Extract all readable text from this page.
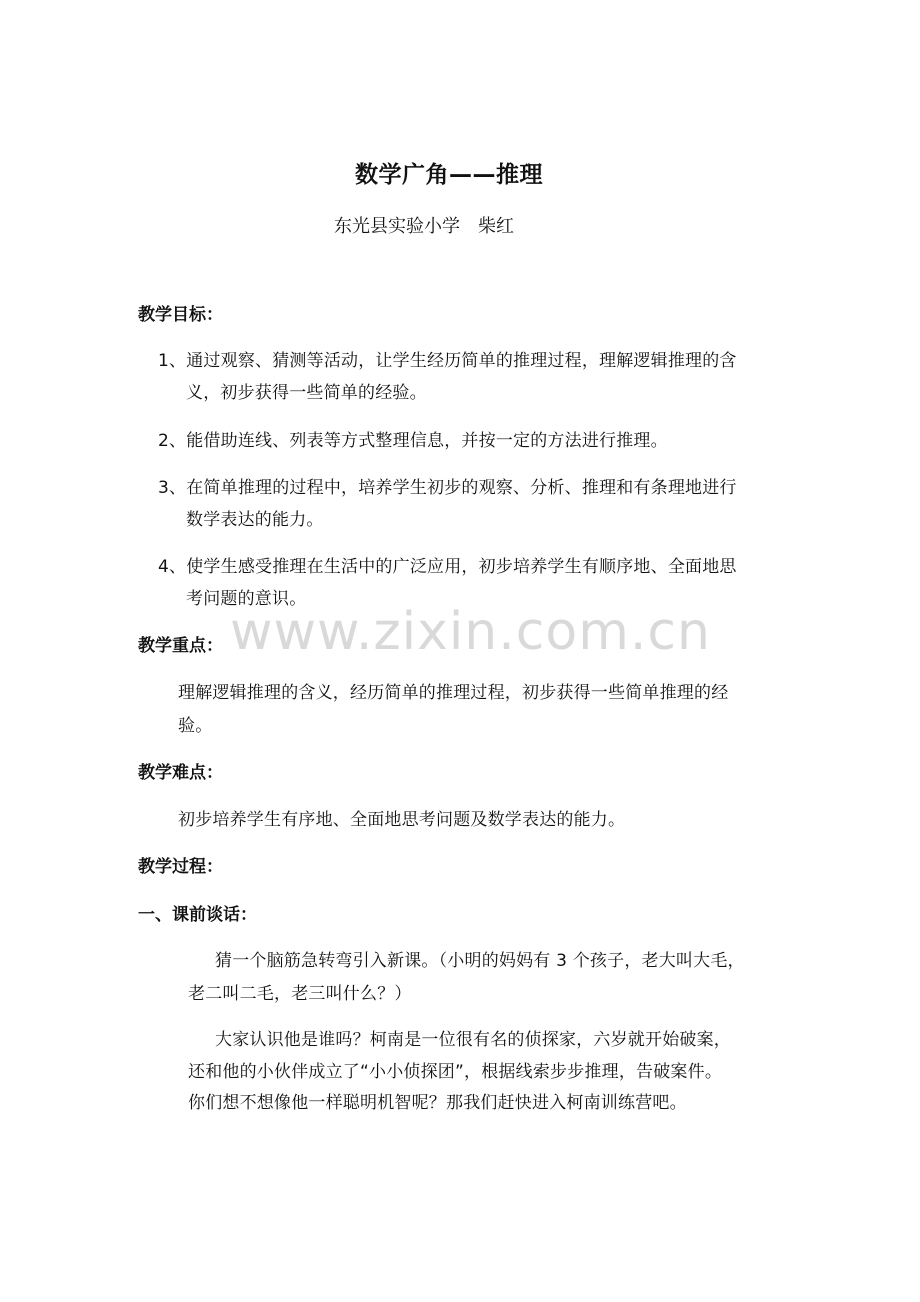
数学广角——推理
东光县实验小学　柴红
教学目标：
1、通过观察、猜测等活动，让学生经历简单的推理过程，理解逻辑推理的含
义，初步获得一些简单的经验。
2、能借助连线、列表等方式整理信息，并按一定的方法进行推理。
3、在简单推理的过程中，培养学生初步的观察、分析、推理和有条理地进行
数学表达的能力。
4、使学生感受推理在生活中的广泛应用，初步培养学生有顺序地、全面地思
考问题的意识。
www.zixin.com.cn
教学重点：
理解逻辑推理的含义，经历简单的推理过程，初步获得一些简单推理的经
验。
教学难点：
初步培养学生有序地、全面地思考问题及数学表达的能力。
教学过程：
一、课前谈话：
猜一个脑筋急转弯引入新课。（小明的妈妈有 3 个孩子，老大叫大毛，
老二叫二毛，老三叫什么？）
大家认识他是谁吗？柯南是一位很有名的侦探家，六岁就开始破案，
还和他的小伙伴成立了“小小侦探团”，根据线索步步推理，告破案件。
你们想不想像他一样聪明机智呢？那我们赶快进入柯南训练营吧。
